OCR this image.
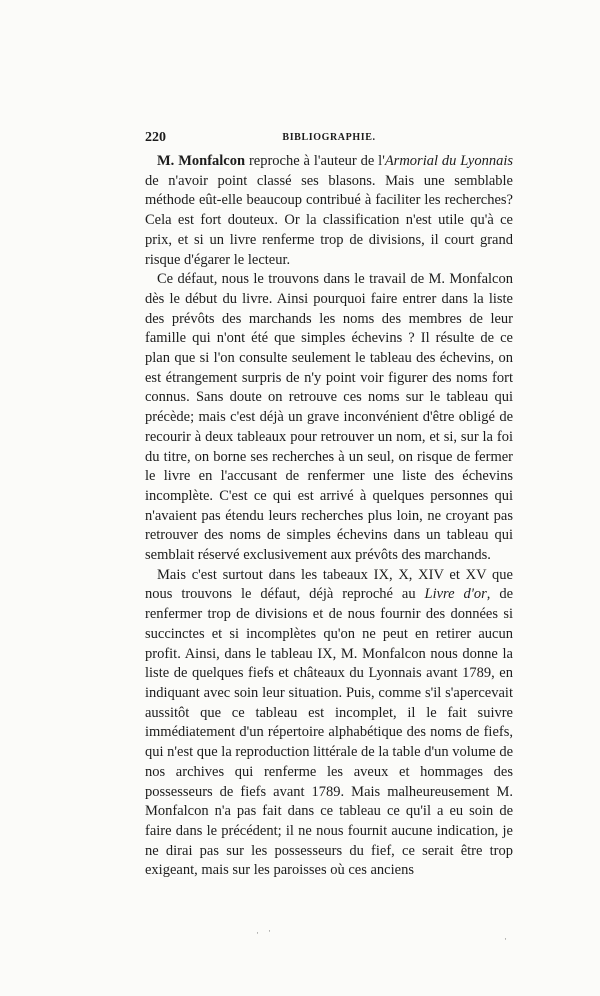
220	BIBLIOGRAPHIE.

M. Monfalcon reproche à l'auteur de l'Armorial du Lyonnais de n'avoir point classé ses blasons. Mais une semblable méthode eût-elle beaucoup contribué à faciliter les recherches? Cela est fort douteux. Or la classification n'est utile qu'à ce prix, et si un livre renferme trop de divisions, il court grand risque d'égarer le lecteur.

Ce défaut, nous le trouvons dans le travail de M. Monfalcon dès le début du livre. Ainsi pourquoi faire entrer dans la liste des prévôts des marchands les noms des membres de leur famille qui n'ont été que simples échevins ? Il résulte de ce plan que si l'on consulte seulement le tableau des échevins, on est étrangement surpris de n'y point voir figurer des noms fort connus. Sans doute on retrouve ces noms sur le tableau qui précède; mais c'est déjà un grave inconvénient d'être obligé de recourir à deux tableaux pour retrouver un nom, et si, sur la foi du titre, on borne ses recherches à un seul, on risque de fermer le livre en l'accusant de renfermer une liste des échevins incomplète. C'est ce qui est arrivé à quelques personnes qui n'avaient pas étendu leurs recherches plus loin, ne croyant pas retrouver des noms de simples échevins dans un tableau qui semblait réservé exclusivement aux prévôts des marchands.

Mais c'est surtout dans les tabeaux IX, X, XIV et XV que nous trouvons le défaut, déjà reproché au Livre d'or, de renfermer trop de divisions et de nous fournir des données si succinctes et si incomplètes qu'on ne peut en retirer aucun profit. Ainsi, dans le tableau IX, M. Monfalcon nous donne la liste de quelques fiefs et châteaux du Lyonnais avant 1789, en indiquant avec soin leur situation. Puis, comme s'il s'apercevait aussitôt que ce tableau est incomplet, il le fait suivre immédiatement d'un répertoire alphabétique des noms de fiefs, qui n'est que la reproduction littérale de la table d'un volume de nos archives qui renferme les aveux et hommages des possesseurs de fiefs avant 1789. Mais malheureusement M. Monfalcon n'a pas fait dans ce tableau ce qu'il a eu soin de faire dans le précédent; il ne nous fournit aucune indication, je ne dirai pas sur les possesseurs du fief, ce serait être trop exigeant, mais sur les paroisses où ces anciens

· ·
·
